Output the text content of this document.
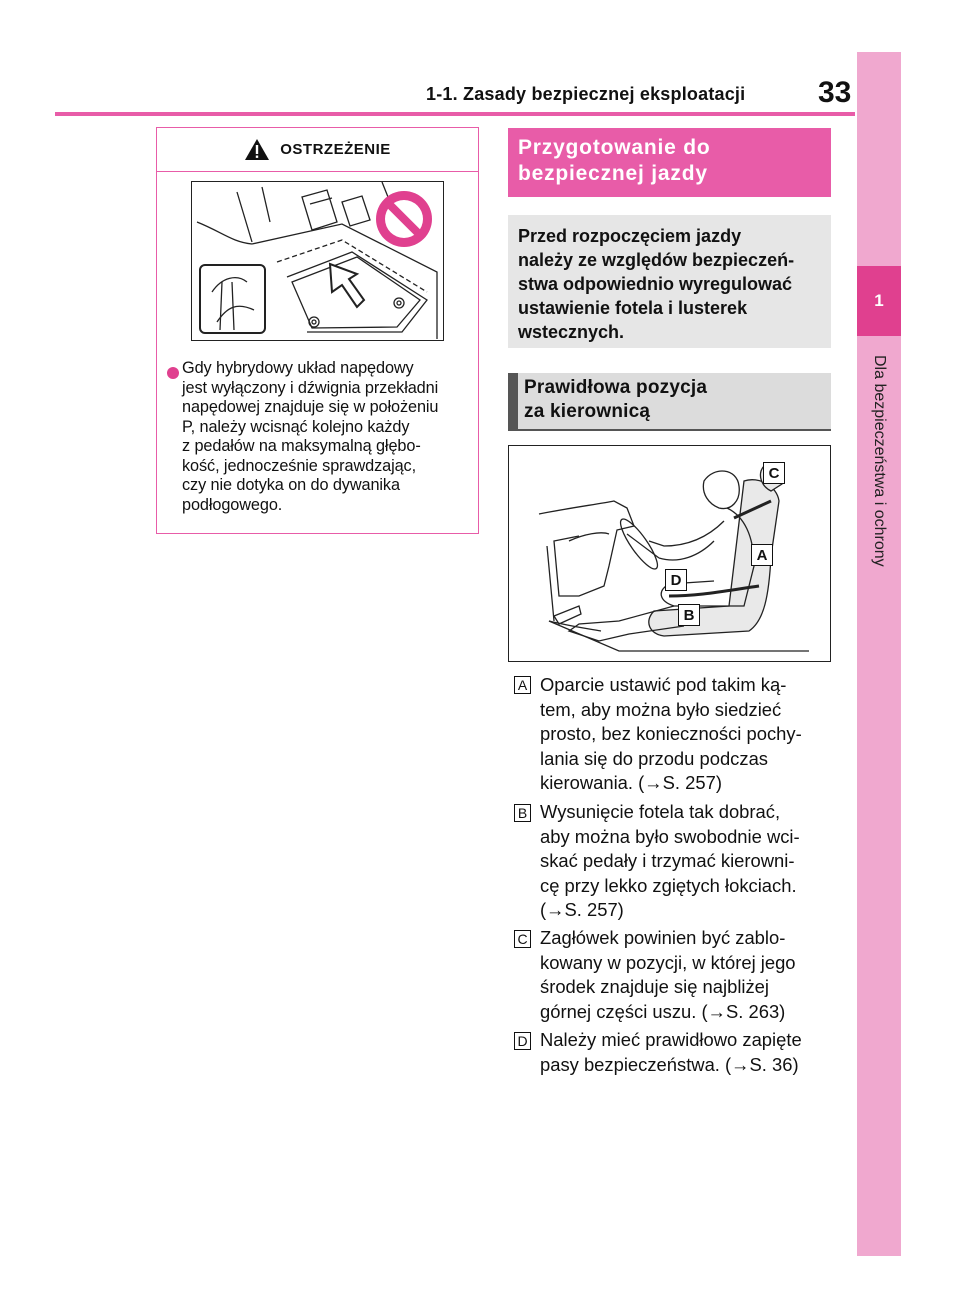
1-1. Zasady bezpiecznej eksploatacji 33
1
Dla bezpieczeństwa i ochrony
OSTRZEŻENIE
Gdy hybrydowy układ napędowy
jest wyłączony i dźwignia przekładni
napędowej znajduje się w położeniu
P, należy wcisnąć kolejno każdy
z pedałów na maksymalną głębo-
kość, jednocześnie sprawdzając,
czy nie dotyka on do dywanika
podłogowego.
Przygotowanie do
bezpiecznej jazdy
Przed rozpoczęciem jazdy
należy ze względów bezpieczeń-
stwa odpowiednio wyregulować
ustawienie fotela i lusterek
wstecznych.
Prawidłowa pozycja
za kierownicą
C
A
D
B
A Oparcie ustawić pod takim ką-
tem, aby można było siedzieć
prosto, bez konieczności pochy-
lania się do przodu podczas
kierowania. (→S. 257)
B Wysunięcie fotela tak dobrać,
aby można było swobodnie wci-
skać pedały i trzymać kierowni-
cę przy lekko zgiętych łokciach.
(→S. 257)
C Zagłówek powinien być zablo-
kowany w pozycji, w której jego
środek znajduje się najbliżej
górnej części uszu. (→S. 263)
D Należy mieć prawidłowo zapięte
pasy bezpieczeństwa. (→S. 36)
